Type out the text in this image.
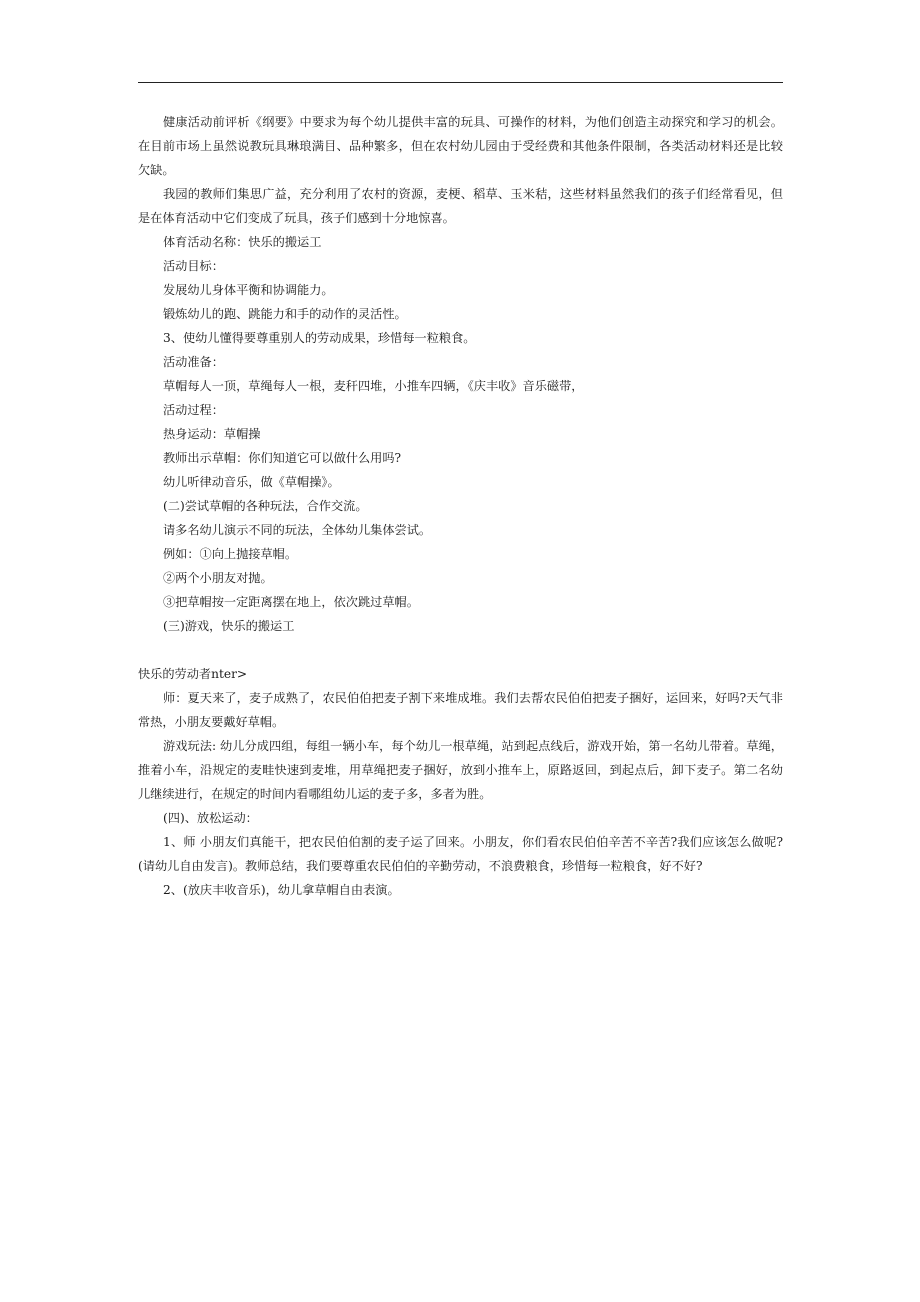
健康活动前评析《纲要》中要求为每个幼儿提供丰富的玩具、可操作的材料，为他们创造主动探究和学习的机会。在目前市场上虽然说教玩具琳琅满目、品种繁多，但在农村幼儿园由于受经费和其他条件限制，各类活动材料还是比较欠缺。

我园的教师们集思广益，充分利用了农村的资源，麦梗、稻草、玉米秸，这些材料虽然我们的孩子们经常看见，但是在体育活动中它们变成了玩具，孩子们感到十分地惊喜。

体育活动名称：快乐的搬运工

活动目标：

发展幼儿身体平衡和协调能力。

锻炼幼儿的跑、跳能力和手的动作的灵活性。

3、使幼儿懂得要尊重别人的劳动成果，珍惜每一粒粮食。

活动准备：

草帽每人一顶，草绳每人一根，麦秆四堆，小推车四辆，《庆丰收》音乐磁带，

活动过程：

热身运动：草帽操

教师出示草帽：你们知道它可以做什么用吗?

幼儿听律动音乐，做《草帽操》。

(二)尝试草帽的各种玩法，合作交流。

请多名幼儿演示不同的玩法，全体幼儿集体尝试。

例如：①向上抛接草帽。

②两个小朋友对抛。

③把草帽按一定距离摆在地上，依次跳过草帽。

(三)游戏，快乐的搬运工

快乐的劳动者nter>

师：夏天来了，麦子成熟了，农民伯伯把麦子割下来堆成堆。我们去帮农民伯伯把麦子捆好，运回来，好吗?天气非常热，小朋友要戴好草帽。

游戏玩法: 幼儿分成四组，每组一辆小车，每个幼儿一根草绳，站到起点线后，游戏开始，第一名幼儿带着。草绳，推着小车，沿规定的麦畦快速到麦堆，用草绳把麦子捆好，放到小推车上，原路返回，到起点后，卸下麦子。第二名幼儿继续进行，在规定的时间内看哪组幼儿运的麦子多，多者为胜。

(四)、放松运动：

1、师 小朋友们真能干，把农民伯伯割的麦子运了回来。小朋友，你们看农民伯伯辛苦不辛苦?我们应该怎么做呢?(请幼儿自由发言)。教师总结，我们要尊重农民伯伯的辛勤劳动，不浪费粮食，珍惜每一粒粮食，好不好?

2、(放庆丰收音乐)，幼儿拿草帽自由表演。
